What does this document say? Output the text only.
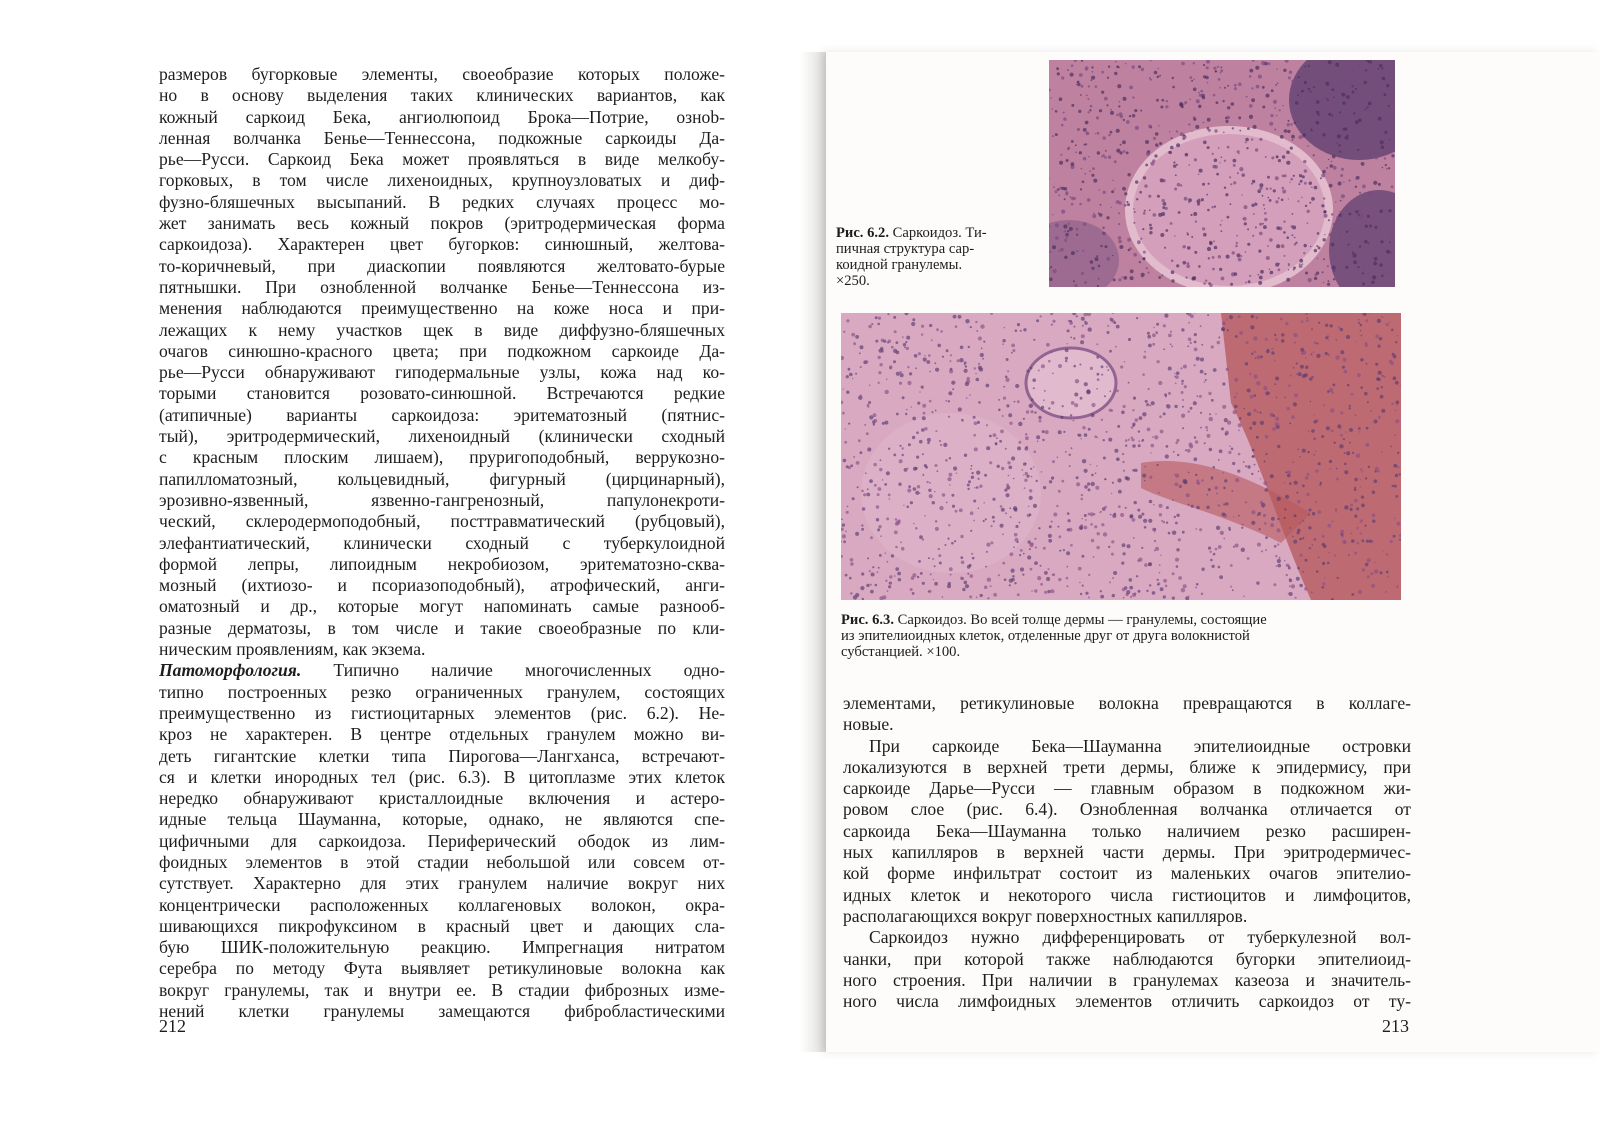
размеров бугорковые элементы, своеобразие которых положе-
но в основу выделения таких клинических вариантов, как
кожный саркоид Бека, ангиолюпоид Брока—Потрие, ознob-
ленная волчанка Бенье—Теннессона, подкожные саркоиды Да-
рье—Русси. Саркоид Бека может проявляться в виде мелкобу-
горковых, в том числе лихеноидных, крупноузловатых и диф-
фузно-бляшечных высыпаний. В редких случаях процесс мо-
жет занимать весь кожный покров (эритродермическая форма
саркоидоза). Характерен цвет бугорков: синюшный, желтова-
то-коричневый, при диаскопии появляются желтовато-бурые
пятнышки. При ознобленной волчанке Бенье—Теннессона из-
менения наблюдаются преимущественно на коже носа и при-
лежащих к нему участков щек в виде диффузно-бляшечных
очагов синюшно-красного цвета; при подкожном саркоиде Да-
рье—Русси обнаруживают гиподермальные узлы, кожа над ко-
торыми становится розовато-синюшной. Встречаются редкие
(атипичные) варианты саркоидоза: эритематозный (пятнис-
тый), эритродермический, лихеноидный (клинически сходный
с красным плоским лишаем), пруригоподобный, веррукозно-
папилломатозный, кольцевидный, фигурный (цирцинарный),
эрозивно-язвенный, язвенно-гангренозный, папулонекроти-
ческий, склеродермоподобный, посттравматический (рубцовый),
элефантиатический, клинически сходный с туберкулоидной
формой лепры, липоидным некробиозом, эритематозно-сква-
мозный (ихтиозо- и псориазоподобный), атрофический, анги-
оматозный и др., которые могут напоминать самые разнооб-
разные дерматозы, в том числе и такие своеобразные по кли-
ническим проявлениям, как экзема.
Патоморфология. Типично наличие многочисленных одно-
типно построенных резко ограниченных гранулем, состоящих
преимущественно из гистиоцитарных элементов (рис. 6.2). Не-
кроз не характерен. В центре отдельных гранулем можно ви-
деть гигантские клетки типа Пирогова—Лангханса, встречают-
ся и клетки инородных тел (рис. 6.3). В цитоплазме этих клеток
нередко обнаруживают кристаллоидные включения и астеро-
идные тельца Шауманна, которые, однако, не являются спе-
цифичными для саркоидоза. Периферический ободок из лим-
фоидных элементов в этой стадии небольшой или совсем от-
сутствует. Характерно для этих гранулем наличие вокруг них
концентрически расположенных коллагеновых волокон, окра-
шивающихся пикрофуксином в красный цвет и дающих сла-
бую ШИК-положительную реакцию. Импрегнация нитратом
серебра по методу Фута выявляет ретикулиновые волокна как
вокруг гранулемы, так и внутри ее. В стадии фиброзных изме-
нений клетки гранулемы замещаются фибробластическими
212
Рис. 6.2. Саркоидоз. Ти-
пичная структура сар-
коидной гранулемы.
×250.
Рис. 6.3. Саркоидоз. Во всей толще дермы — гранулемы, состоящие
из эпителиоидных клеток, отделенные друг от друга волокнистой
субстанцией. ×100.
элементами, ретикулиновые волокна превращаются в коллаге-
новые.
При саркоиде Бека—Шауманна эпителиоидные островки
локализуются в верхней трети дермы, ближе к эпидермису, при
саркоиде Дарье—Русси — главным образом в подкожном жи-
ровом слое (рис. 6.4). Ознобленная волчанка отличается от
саркоида Бека—Шауманна только наличием резко расширен-
ных капилляров в верхней части дермы. При эритродермичес-
кой форме инфильтрат состоит из маленьких очагов эпителио-
идных клеток и некоторого числа гистиоцитов и лимфоцитов,
располагающихся вокруг поверхностных капилляров.
Саркоидоз нужно дифференцировать от туберкулезной вол-
чанки, при которой также наблюдаются бугорки эпителиоид-
ного строения. При наличии в гранулемах казеоза и значитель-
ного числа лимфоидных элементов отличить саркоидоз от ту-
213
